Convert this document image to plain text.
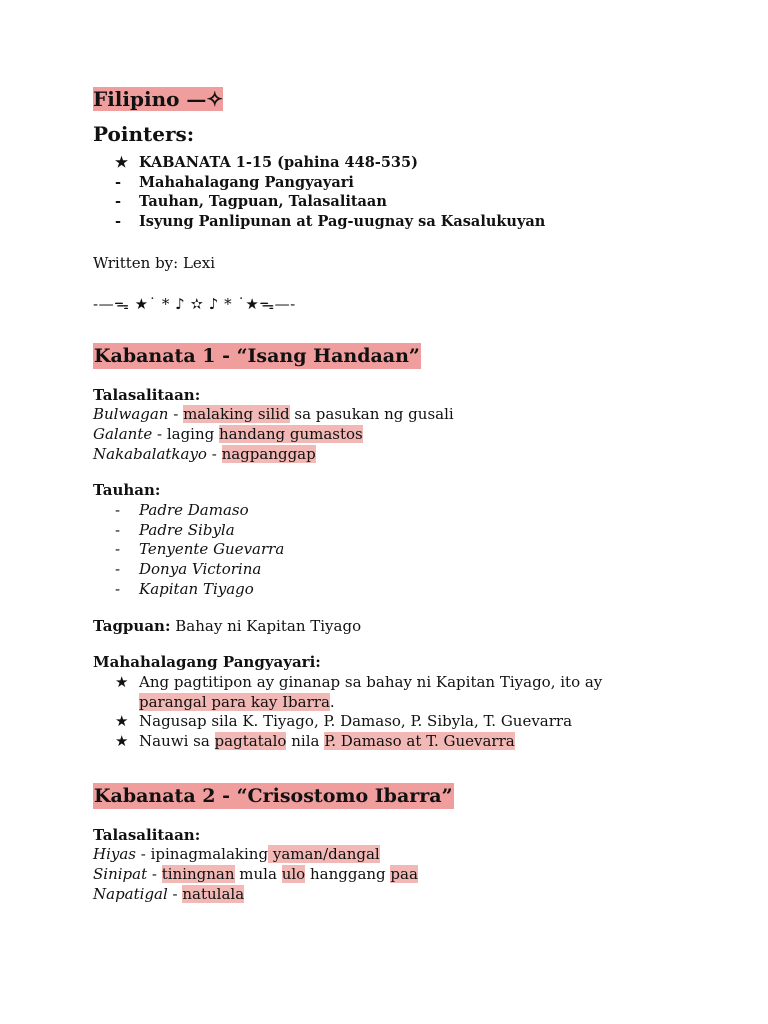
Filipino —✧
Pointers:
★ KABANATA 1-15 (pahina 448-535)
-	Mahahalagang Pangyayari
-	Tauhan, Tagpuan, Talasalitaan
-	Isyung Panlipunan at Pag-uugnay sa Kasalukuyan

Written by: Lexi

-—ᯓ ★˙ * ♪ ✫ ♪ * ˙★ᯓ—-

Kabanata 1 - “Isang Handaan”

Talasalitaan:

Bulwagan - malaking silid sa pasukan ng gusali
Galante - laging handang gumastos
Nakabalatkayo - nagpanggap

Tauhan:

- Padre Damaso
- Padre Sibyla
- Tenyente Guevarra
- Donya Victorina
- Kapitan Tiyago
Tagpuan: Bahay ni Kapitan Tiyago

Mahahalagang Pangyayari:

★ Ang pagtitipon ay ginanap sa bahay ni Kapitan Tiyago, ito ay
parangal para kay Ibarra.
★ Nagusap sila K. Tiyago, P. Damaso, P. Sibyla, T. Guevarra
★ Nauwi sa pagtatalo nila P. Damaso at T. Guevarra
Kabanata 2 - “Crisostomo Ibarra”

Talasalitaan:

Hiyas - ipinagmalaking yaman/dangal
Sinipat - tiningnan mula ulo hanggang paa
Napatigal - natulala
